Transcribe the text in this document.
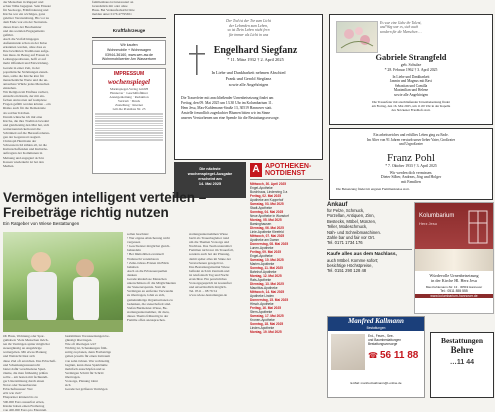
der Menschen in Ruppert und
echter Nähe begegnet. Sein Einsatz
für Seelsorge, Frühförderung und
Kirche war ein wichtiges, ganz
gelebter Veranstaltung. Bis vor zu
dem Ende war ein der Sternstun-
dieses Kurs der Beschenkter
und das sozialen Engagements
geführt.
Auch die Vorfall hingegen
Außenstunde schon an der Krise
erkannten werden, ohne dass es
Ihre bewährten Traditionen aufge-
ben muss. In Bezug auf Frauen in
Leitungspositionen, hofft er auf
mehr Offenheit und Entwicklung.
Gerade in einer Zeit, in der
populistische Strömungen zuneh-
men, sollte die Kirche klar für
menschenliche Werte und die un-
antastbare Würde jedes Menschen
einstehen.
Wir Religion im Einfluss verliert,
entsteht ein Raum, der mit ein-
fachen Antworten auf komplexe
Fragen gefüllt werden könnte – ein
Risiko auch für die Demokratie
als solcher Kirchen.
Darum wünsche ich mir eine
Kirche, die ihre Tradition bewahrt
und gleichzeitig den Mut hat, sich
weiterzuentwickeln und die
Schönheit auf die Herausforderun-
gen der Gegenwart reagiert.
Christoph Herrmann der
Schwestern KI zählen all, ist die
Kulturschaffenden und Kulturbe-
auftragten der Kommunen in
Melsung und engagiert sich in
Kassen wiederkehr ist bei den
Medien.
familienhaus ist interessiert an
Grundstück mit oder ohne
Haus. Bei Verkaufsabsicht bitte
melden unter 0176 47795651
Kraftfahrzeuge
Wir kaufen
Wohnmobile + Wohnwagen
03944-36160, www.wm-aw.de
Wohnmobilcenter Am Wasserturm
IMPRESSUM
wochenspiegel
Marktspiegel-Verlag GmbH
Hannover · Geschäftsführer
Anzeigenleitung · Redaktion
Vertrieb · Druck
Zustellung · Internet
Gilt die Preisliste Nr. 23
Der Tod ist der Tor zum Licht
der Lebenden zum Leben,
so ist Dein Leben nicht fern
für immer als Licht in uns
Engelhard Siegfanz
* 11. März 1932 † 2. April 2025
In Liebe und Dankbarkeit nehmen Abschied
Frank und Gerold Siegfanz
sowie alle Angehörigen
Die Trauerfeier mit anschließender Urnenbeisetzung findet am
Freitag, den 09. Mai 2025 um 13.30 Uhr im Kolumbarium 11.
Hem Jesu, Max-Kuhlemann-Straße 13, 30519 Hannover statt.
Anstelle freundlich zugedachter Blumen bitten wir im Sinne
unseres Verstorbenen um eine Spende für die Bestattungsvorsorge.
Es war eine Gabe ihr Talent,
und Weg war es, sich auch
sondern für die Menschen …
Gabriele Strangfeld
geb. Schulze
* 28. Februar 1962 † 3. April 2025
In Liebe und Dankbarkeit
Jasmin und Magnus mit Ravi
Sebastian und Camilla
Maximilian und Helene
sowie alle Angehörigen
Die Trauerfeier mit anschließender Urnenbeisetzung findet
am Freitag, den 16. Mai 2025, um 11.00 Uhr in der Kapelle
des Stöckener Friedhofs statt.
Ein arbeitsreiches und erfülltes Leben ging zu Ende.
Im Alter von 91 Jahren verstarb unser lieber Vater, Großvater
und Urgroßvater
Franz Pohl
* 7. Oktober 1933 † 3. April 2025
Wir werden dich vermissen.
Dieter Silber, Andreas, Jörg und Holger
mit Familien
Die Beisetzung findet im engsten Familienkreise statt.
Die nächste
wochenspiegel-Ausgabe
erscheint am
14. Mai 2025
A APOTHEKEN-
NOTDIENST
Mittwoch, 30. April 2025
Engel-Apotheke
Burchhaus, Lindenring 3 a
Freitag, 02. Mai 2025
Apotheke am Kuppehof
Samstag, 03. Mai 2025
Stadt-Apotheke
Sonntag, 04. Mai 2025
Neue Apotheke in Wunstorf
Montag, 05. Mai 2025
Barsinghausen
Dienstag, 06. Mai 2025
Linie-Apotheke Kleefeld
Mittwoch, 07. Mai 2025
Apotheke am Damm
Donnerstag, 08. Mai 2025
Lunen-Apotheke
Freitag, 09. Mai 2025
Engel-Apotheke
Samstag, 10. Mai 2025
Marien-Apotheke
Sonntag, 11. Mai 2025
Bahnhof-Apotheke
Montag, 12. Mai 2025
Rats-Apotheke
Dienstag, 13. Mai 2025
Mauritius-Apotheke
Mittwoch, 14. Mai 2025
Apotheke Linden
Donnerstag, 15. Mai 2025
Hirsch-Apotheke
Freitag, 16. Mai 2025
Stern-Apotheke
Samstag, 17. Mai 2025
Kronen-Apotheke
Sonntag, 18. Mai 2025
Linden-Apotheke
Montag, 19. Mai 2025
Ankauf
für Pelze, Schmuck,
Porzellan, Antiquen, Zinn,
Bestecks, Möbel, Münzen,
Teller, Modeschmuck,
Näh- und Schreibmaschinen.
Zahle bar und fair vor Ort.
Tel. 0171 1734 176
Kaufe alles aus dem Nachlass,
auch Möbel. Komme sofort;
besichtige Höchstpreise,
Tel. 0151 290 128 48
Kolumbarium
Herz Jesu
Würdevolle Urnenbeisetzung
in der Kirche Hl. Herz Jesu
Max-Kuhlemann-Str. 13 · 30519 Hannover
Tel.: 0511 855 555
www.kolumbarium-hannover.de
Manfred Kallmann
Bestattungen
Erd-, Feuer-, See-
und Baumbestattungen
Bestattungsvorsorge
☎ 56 11 88
E-Mail: manfred.kallmann@t-online.de
Bestattungen
Behre
…11 44
Vermögen intelligent verteilen –
Freibeträge richtig nutzen
Ein Ratgeber von Wiese Bestattungen
Ob Haus, Wohnung oder Spar-
guthaben: Viele Menschen möch-
ten ihr Vermögen später möglichst
steuergünstig an Angehörige
weitergeben. Mit etwas Planung
und Weitsicht lässt sich
diese Ziel oft erreichen. Das Erbschaft-
und Schenkungssteuerrecht
bietet dafür verschiedene Spiel-
räume, die man frühzeitig prüfen
sollte – am besten mit fachkundi-
ger Unterstützung durch einen
Notar oder Steuerberater.
Erbschaftssteuer: Wer
erbt wie viel?
Ehepartner können bis zu
500.000 Euro steuerfrei erben,
Kinder haben einen Freibetrag
von 400.000 Euro pro Elternteil.
bestimmten Voraussetzungen be-
günstigt übertragen.
Wie oft überlegen wir?
Wichtig ist, Schenkungen früh-
zeitig zu planen, denn Freibeträge
gelten jeweils für einen Zeitraum
von zehn Jahren. Wer rechtzeitig
beginnt, kann diese Spielräume
mehrfach ausschöpfen und so
Vermögen Schritt für Schritt
übertragen.
Vorsorge, Planung lohnt
sich
Gerade bei größeren Vermögen
sollen beachten:
• Wer eigene Absicherung nicht
vergessen
• Geschwister möglichst gleich-
behandeln
• Bei Immobilien eventuell
Wohnrecht vereinbaren
• Zehn-Jahres-Fristen im Blick
behalten
Auch an die Erbsteuerquellen
denken
Gerade kinderlose Menschen
unterschätzen oft die Möglichkeiten
der Steuerersparnis. Statt ihr
Vermögen an entfernte Verwandte
zu übertragen, lohnt es sich,
gemeinnützige Organisationen zu
bedenken, die steuerbefreit sind.
Stefan Burmeister-Wiese, Be-
stattungsunternehmer, rät dazu,
dieses Thema frühzeitig in der
Familie offen anzusprechen.
stattungsunternehmen Wiese
berät als Trauerbegleiter rund
um die Themen Vorsorge und
Nachlass. Das Team unterstützt
Familien nicht nur im Trauerfall,
sondern auch bei der Planung,
damit später alles im Sinne der
Verstorbenen geregelt ist.
Das Bestattungsinstitut Wiese
befindet sich im Zentrum und
ist telefonisch Tag und Nacht
erreichbar. Ein persönliches
Vorsorgegespräch ist kostenfrei
und unverbindlich möglich.
Tel. 0511 – 98 76 54
www.wiese-bestattungen.de
